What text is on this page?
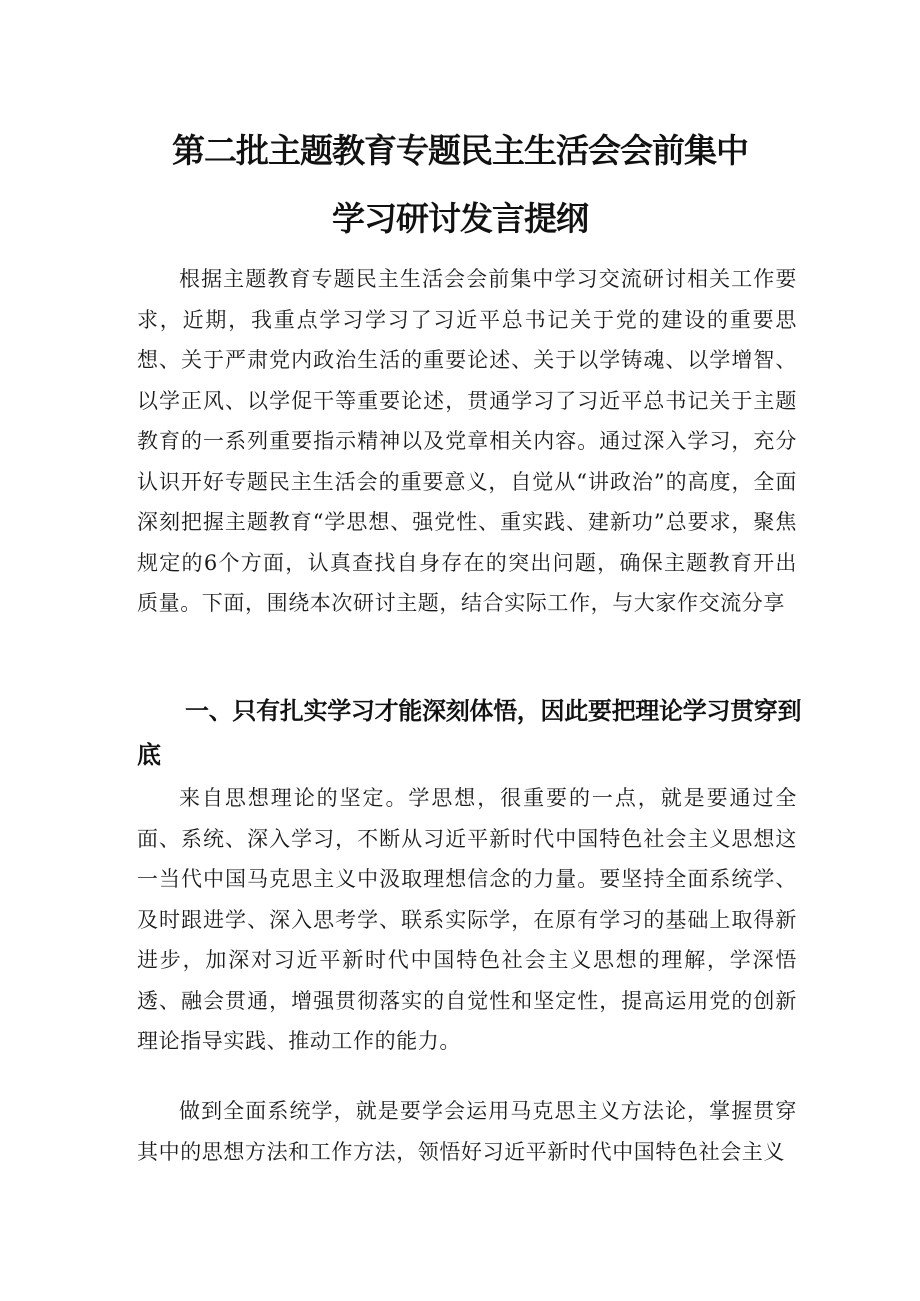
第二批主题教育专题民主生活会会前集中
学习研讨发言提纲

根据主题教育专题民主生活会会前集中学习交流研讨相关工作要求，近期，我重点学习学习了习近平总书记关于党的建设的重要思想、关于严肃党内政治生活的重要论述、关于以学铸魂、以学增智、以学正风、以学促干等重要论述，贯通学习了习近平总书记关于主题教育的一系列重要指示精神以及党章相关内容。通过深入学习，充分认识开好专题民主生活会的重要意义，自觉从“讲政治”的高度，全面深刻把握主题教育“学思想、强党性、重实践、建新功”总要求，聚焦规定的6个方面，认真查找自身存在的突出问题，确保主题教育开出质量。下面，围绕本次研讨主题，结合实际工作，与大家作交流分享

一、只有扎实学习才能深刻体悟，因此要把理论学习贯穿到底

来自思想理论的坚定。学思想，很重要的一点，就是要通过全面、系统、深入学习，不断从习近平新时代中国特色社会主义思想这一当代中国马克思主义中汲取理想信念的力量。要坚持全面系统学、及时跟进学、深入思考学、联系实际学，在原有学习的基础上取得新进步，加深对习近平新时代中国特色社会主义思想的理解，学深悟透、融会贯通，增强贯彻落实的自觉性和坚定性，提高运用党的创新理论指导实践、推动工作的能力。

做到全面系统学，就是要学会运用马克思主义方法论，掌握贯穿其中的思想方法和工作方法，领悟好习近平新时代中国特色社会主义
